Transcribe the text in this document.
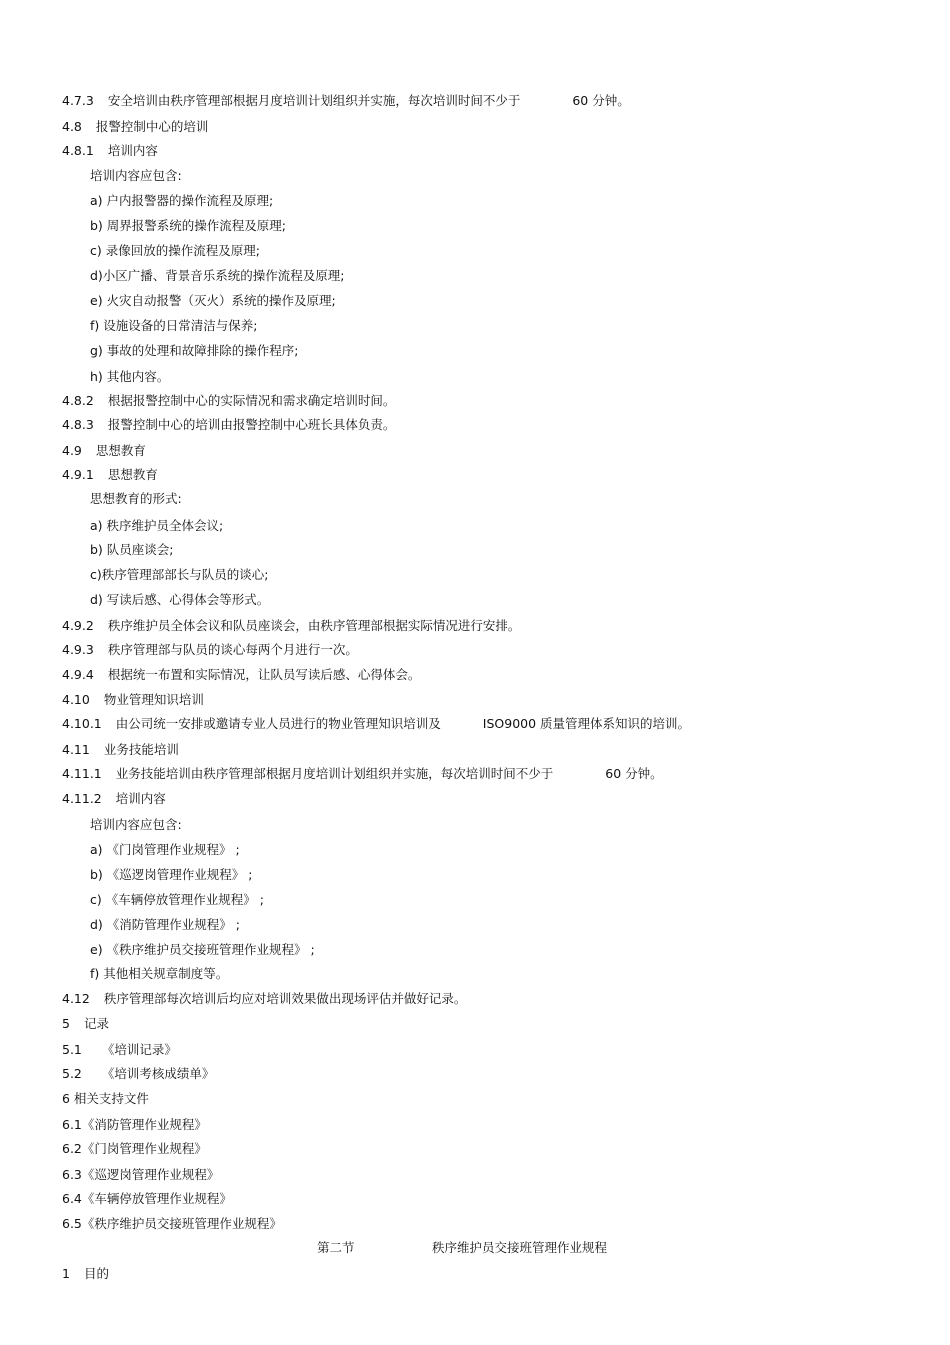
4.7.3 安全培训由秩序管理部根据月度培训计划组织并实施，每次培训时间不少于	60 分钟。
4.8 报警控制中心的培训
4.8.1 培训内容
培训内容应包含:
a) 户内报警器的操作流程及原理;
b) 周界报警系统的操作流程及原理;
c) 录像回放的操作流程及原理;
d)小区广播、背景音乐系统的操作流程及原理;
e) 火灾自动报警（灭火）系统的操作及原理;
f) 设施设备的日常清洁与保养;
g) 事故的处理和故障排除的操作程序;
h) 其他内容。
4.8.2 根据报警控制中心的实际情况和需求确定培训时间。
4.8.3 报警控制中心的培训由报警控制中心班长具体负责。
4.9 思想教育
4.9.1 思想教育
思想教育的形式:
a) 秩序维护员全体会议;
b) 队员座谈会;
c)秩序管理部部长与队员的谈心;
d) 写读后感、心得体会等形式。
4.9.2 秩序维护员全体会议和队员座谈会，由秩序管理部根据实际情况进行安排。
4.9.3 秩序管理部与队员的谈心每两个月进行一次。
4.9.4 根据统一布置和实际情况，让队员写读后感、心得体会。
4.10 物业管理知识培训
4.10.1 由公司统一安排或邀请专业人员进行的物业管理知识培训及	ISO9000 质量管理体系知识的培训。
4.11 业务技能培训
4.11.1 业务技能培训由秩序管理部根据月度培训计划组织并实施，每次培训时间不少于	60 分钟。
4.11.2 培训内容
培训内容应包含:
a) 《门岗管理作业规程》 ;
b) 《巡逻岗管理作业规程》 ;
c) 《车辆停放管理作业规程》 ;
d) 《消防管理作业规程》 ;
e) 《秩序维护员交接班管理作业规程》 ;
f) 其他相关规章制度等。
4.12 秩序管理部每次培训后均应对培训效果做出现场评估并做好记录。
5 记录
5.1 《培训记录》
5.2 《培训考核成绩单》
6 相关支持文件
6.1《消防管理作业规程》
6.2《门岗管理作业规程》
6.3《巡逻岗管理作业规程》
6.4《车辆停放管理作业规程》
6.5《秩序维护员交接班管理作业规程》
第二节	秩序维护员交接班管理作业规程
1 目的
